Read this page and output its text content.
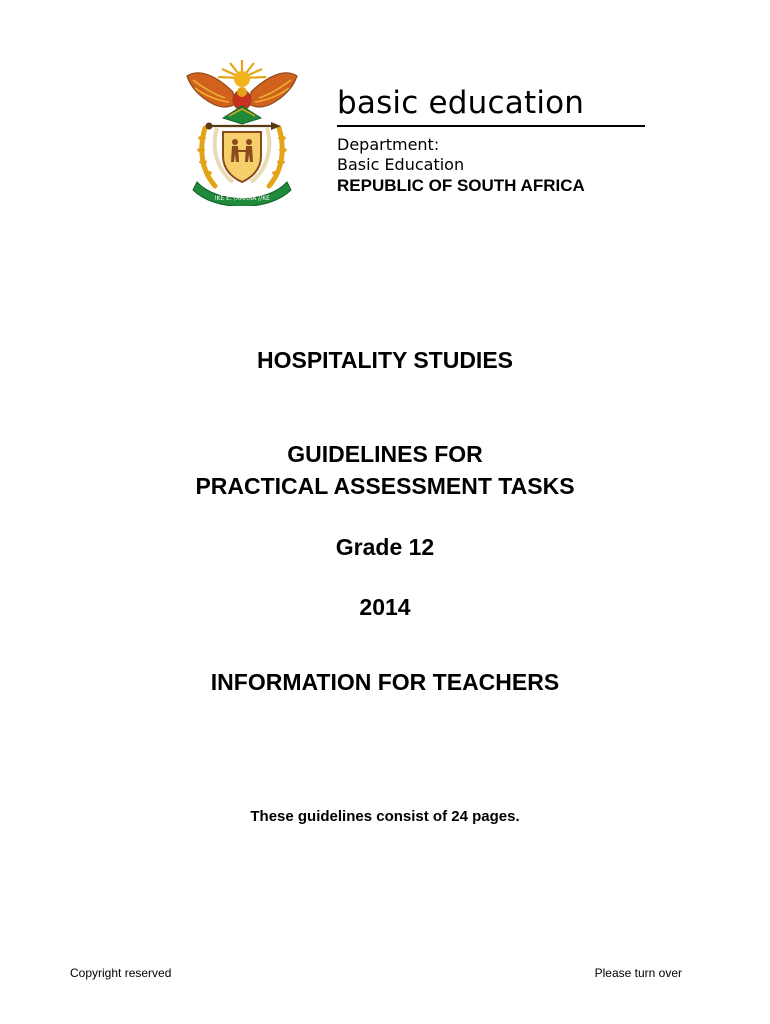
!KE E: /XARRA //KE
basic education
Department:
Basic Education
REPUBLIC OF SOUTH AFRICA
HOSPITALITY STUDIES
GUIDELINES FOR
PRACTICAL ASSESSMENT TASKS
Grade 12
2014
INFORMATION FOR TEACHERS
These guidelines consist of 24 pages.
Copyright reserved	Please turn over
